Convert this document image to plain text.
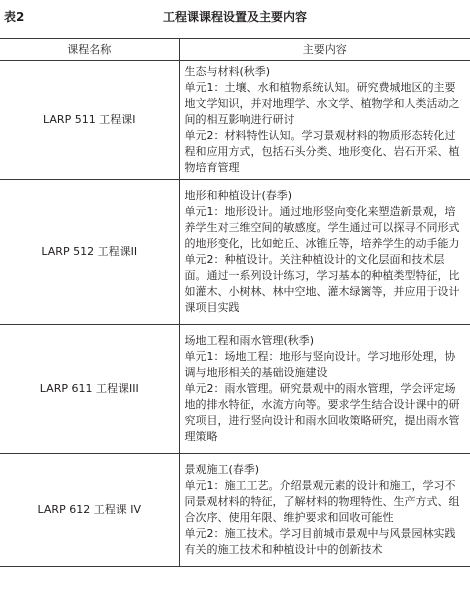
表2	工程课课程设置及主要内容
课程名称	主要内容
LARP 511 工程课I	生态与材料(秋季)
单元1：土壤、水和植物系统认知。研究费城地区的主要地文学知识，并对地理学、水文学、植物学和人类活动之间的相互影响进行研讨
单元2：材料特性认知。学习景观材料的物质形态转化过程和应用方式，包括石头分类、地形变化、岩石开采、植物培育管理

LARP 512 工程课II	地形和种植设计(春季)
单元1：地形设计。通过地形竖向变化来塑造新景观，培养学生对三维空间的敏感度。学生通过可以探寻不同形式的地形变化，比如蛇丘、冰锥丘等，培养学生的动手能力
单元2：种植设计。关注种植设计的文化层面和技术层面。通过一系列设计练习，学习基本的种植类型特征，比如灌木、小树林、林中空地、灌木绿篱等，并应用于设计课项目实践

LARP 611 工程课III	场地工程和雨水管理(秋季)
单元1：场地工程：地形与竖向设计。学习地形处理，协调与地形相关的基础设施建设
单元2：雨水管理。研究景观中的雨水管理，学会评定场地的排水特征，水流方向等。要求学生结合设计课中的研究项目，进行竖向设计和雨水回收策略研究，提出雨水管理策略

LARP 612 工程课 IV	景观施工(春季)
单元1：施工工艺。介绍景观元素的设计和施工，学习不同景观材料的特征，了解材料的物理特性、生产方式、组合次序、使用年限、维护要求和回收可能性
单元2：施工技术。学习目前城市景观中与风景园林实践有关的施工技术和种植设计中的创新技术
